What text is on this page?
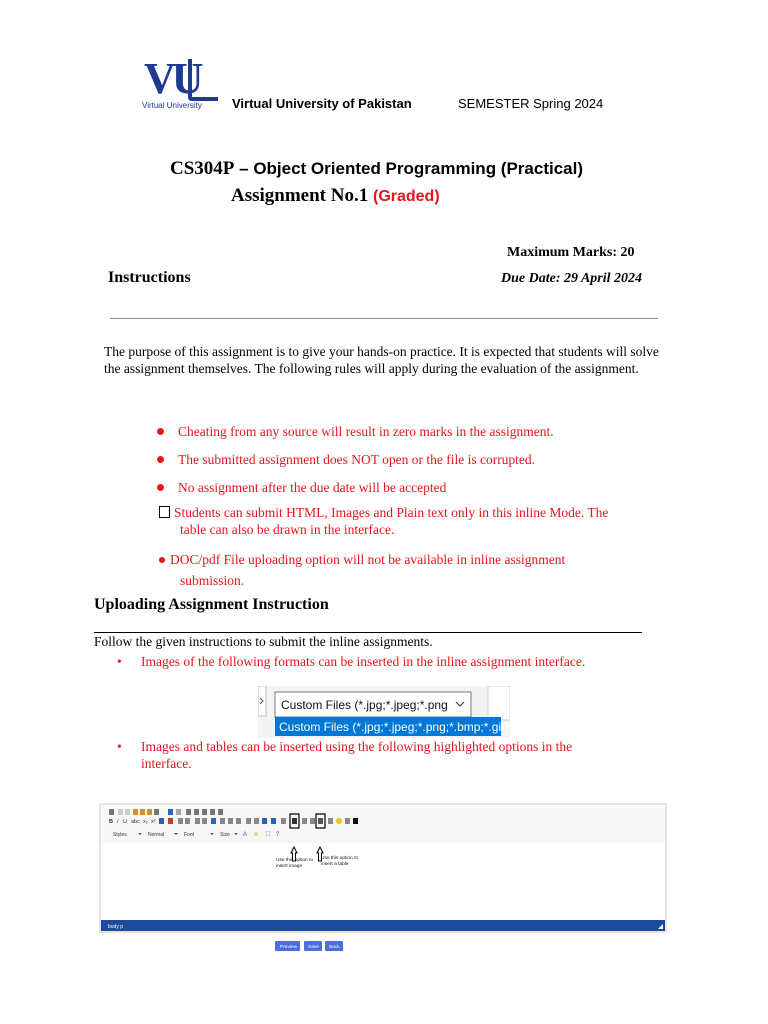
VU
Virtual University Virtual University of Pakistan	SEMESTER Spring 2024
CS304P – Object Oriented Programming (Practical)
Assignment No.1 (Graded)
Maximum Marks: 20
Instructions	Due Date: 29 April 2024
The purpose of this assignment is to give your hands-on practice. It is expected that students will solve the assignment themselves. The following rules will apply during the evaluation of the assignment.
Cheating from any source will result in zero marks in the assignment.
The submitted assignment does NOT open or the file is corrupted.
No assignment after the due date will be accepted
Students can submit HTML, Images and Plain text only in this inline Mode. The
table can also be drawn in the interface.
DOC/pdf File uploading option will not be available in inline assignment
submission.
Uploading Assignment Instruction
Follow the given instructions to submit the inline assignments.
•	Images of the following formats can be inserted in the inline assignment interface.
Custom Files (*.jpg;*.jpeg;*.png
Custom Files (*.jpg;*.jpeg;*.png;*.bmp;*.gif)
•	Images and tables can be inserted using the following highlighted options in the
interface.
B I U abc x₂ x²
Styles	Normal	Font	Size A A ⛶ ?
Use this option to
insert image
Use this option to
insert a table
body p
Preview Save Back
